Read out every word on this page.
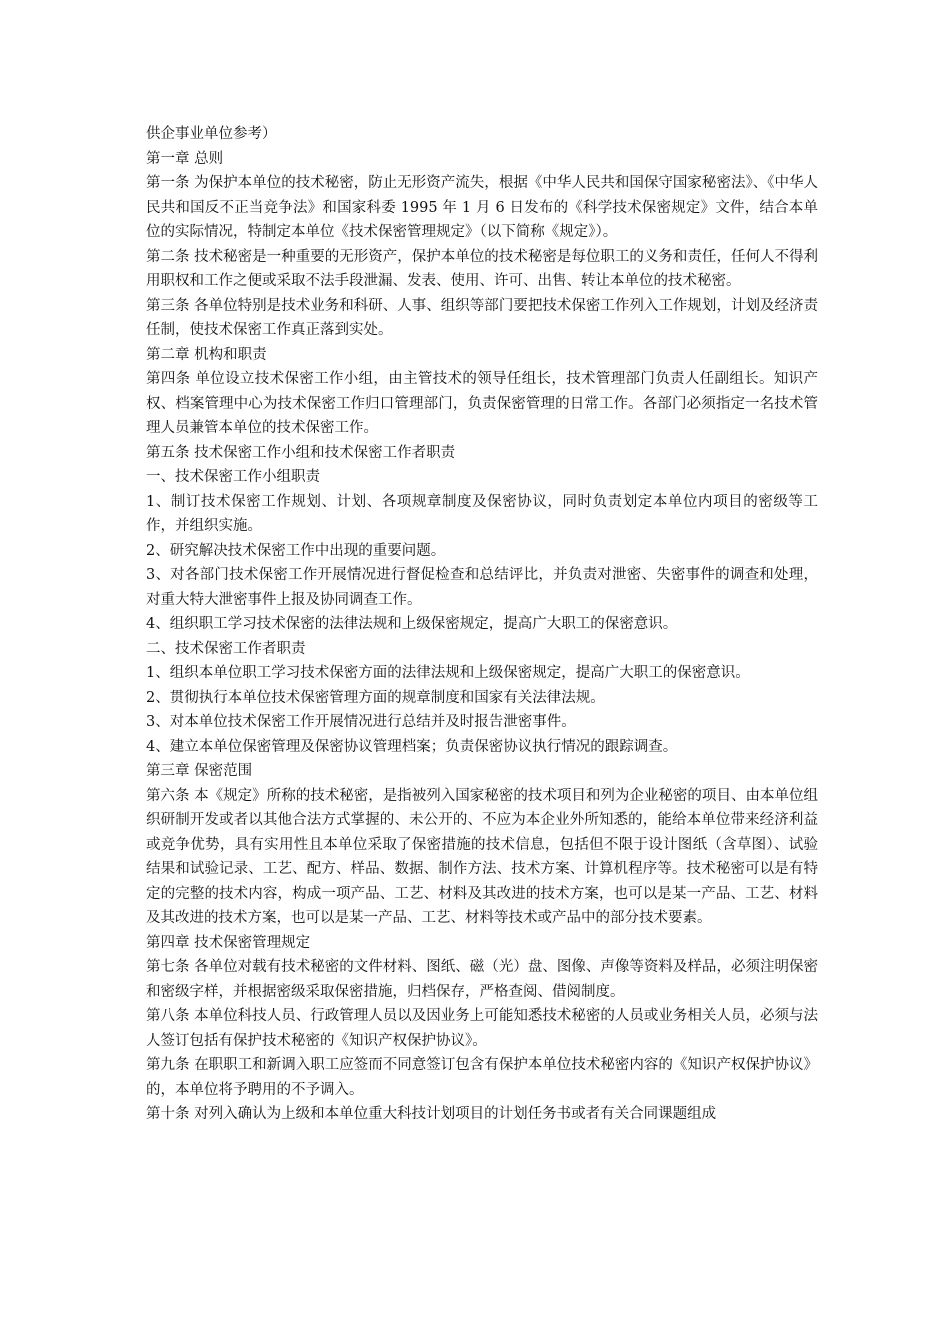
供企事业单位参考）

第一章 总则

第一条 为保护本单位的技术秘密，防止无形资产流失，根据《中华人民共和国保守国家秘密法》、《中华人民共和国反不正当竞争法》和国家科委 1995 年 1 月 6 日发布的《科学技术保密规定》文件，结合本单位的实际情况，特制定本单位《技术保密管理规定》（以下简称《规定》）。

第二条 技术秘密是一种重要的无形资产，保护本单位的技术秘密是每位职工的义务和责任，任何人不得利用职权和工作之便或采取不法手段泄漏、发表、使用、许可、出售、转让本单位的技术秘密。

第三条 各单位特别是技术业务和科研、人事、组织等部门要把技术保密工作列入工作规划，计划及经济责任制，使技术保密工作真正落到实处。

第二章 机构和职责

第四条 单位设立技术保密工作小组，由主管技术的领导任组长，技术管理部门负责人任副组长。知识产权、档案管理中心为技术保密工作归口管理部门，负责保密管理的日常工作。各部门必须指定一名技术管理人员兼管本单位的技术保密工作。

第五条 技术保密工作小组和技术保密工作者职责

一、技术保密工作小组职责

1、制订技术保密工作规划、计划、各项规章制度及保密协议，同时负责划定本单位内项目的密级等工作，并组织实施。

2、研究解决技术保密工作中出现的重要问题。

3、对各部门技术保密工作开展情况进行督促检查和总结评比，并负责对泄密、失密事件的调查和处理，对重大特大泄密事件上报及协同调查工作。

4、组织职工学习技术保密的法律法规和上级保密规定，提高广大职工的保密意识。

二、技术保密工作者职责

1、组织本单位职工学习技术保密方面的法律法规和上级保密规定，提高广大职工的保密意识。

2、贯彻执行本单位技术保密管理方面的规章制度和国家有关法律法规。

3、对本单位技术保密工作开展情况进行总结并及时报告泄密事件。

4、建立本单位保密管理及保密协议管理档案；负责保密协议执行情况的跟踪调查。

第三章 保密范围

第六条 本《规定》所称的技术秘密，是指被列入国家秘密的技术项目和列为企业秘密的项目、由本单位组织研制开发或者以其他合法方式掌握的、未公开的、不应为本企业外所知悉的，能给本单位带来经济利益或竞争优势，具有实用性且本单位采取了保密措施的技术信息，包括但不限于设计图纸（含草图）、试验结果和试验记录、工艺、配方、样品、数据、制作方法、技术方案、计算机程序等。技术秘密可以是有特定的完整的技术内容，构成一项产品、工艺、材料及其改进的技术方案，也可以是某一产品、工艺、材料及其改进的技术方案，也可以是某一产品、工艺、材料等技术或产品中的部分技术要素。

第四章 技术保密管理规定

第七条 各单位对载有技术秘密的文件材料、图纸、磁（光）盘、图像、声像等资料及样品，必须注明保密和密级字样，并根据密级采取保密措施，归档保存，严格查阅、借阅制度。

第八条 本单位科技人员、行政管理人员以及因业务上可能知悉技术秘密的人员或业务相关人员，必须与法人签订包括有保护技术秘密的《知识产权保护协议》。

第九条 在职职工和新调入职工应签而不同意签订包含有保护本单位技术秘密内容的《知识产权保护协议》的，本单位将予聘用的不予调入。

第十条 对列入确认为上级和本单位重大科技计划项目的计划任务书或者有关合同课题组成
